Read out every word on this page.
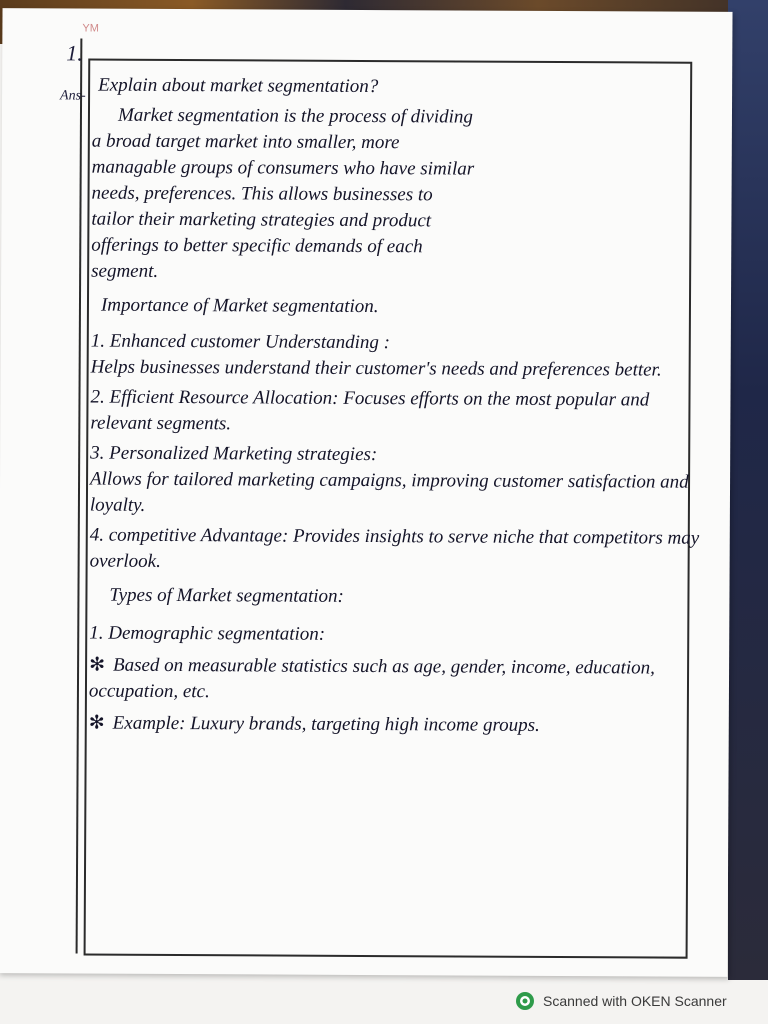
YM
1.
Ans- Explain about market segmentation?
Market segmentation is the process of dividing
a broad target market into smaller, more
managable groups of consumers who have similar
needs, preferences. This allows businesses to
tailor their marketing strategies and product
offerings to better specific demands of each
segment.
Importance of Market segmentation.
1. Enhanced customer Understanding :
Helps businesses understand their customer's needs and preferences better.
2. Efficient Resource Allocation: Focuses efforts on the most popular and relevant segments.
3. Personalized Marketing strategies:
Allows for tailored marketing campaigns, improving customer satisfaction and loyalty.
4. competitive Advantage: Provides insights to serve niche that competitors may overlook.
Types of Market segmentation:
1. Demographic segmentation:
✻ Based on measurable statistics such as age, gender, income, education, occupation, etc.
✻ Example: Luxury brands, targeting high income groups.
Scanned with OKEN Scanner
